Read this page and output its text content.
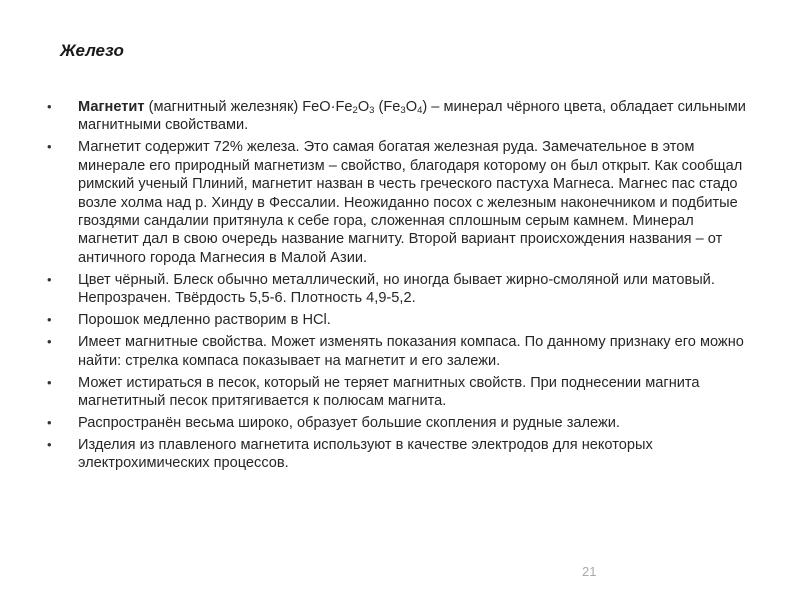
Железо
• Магнетит (магнитный железняк) $FeO\cdot Fe_2O_3$ $(Fe_3O_4)$ – минерал чёрного цвета, обладает сильными магнитными свойствами.
• Магнетит содержит 72% железа. Это самая богатая железная руда. Замечательное в этом минерале его природный магнетизм – свойство, благодаря которому он был открыт. Как сообщал римский ученый Плиний, магнетит назван в честь греческого пастуха Магнеса. Магнес пас стадо возле холма над р. Хинду в Фессалии. Неожиданно посох с железным наконечником и подбитые гвоздями сандалии притянула к себе гора, сложенная сплошным серым камнем. Минерал магнетит дал в свою очередь название магниту. Второй вариант происхождения названия – от античного города Магнесия в Малой Азии.
• Цвет чёрный. Блеск обычно металлический, но иногда бывает жирно-смоляной или матовый. Непрозрачен. Твёрдость 5,5-6. Плотность 4,9-5,2.
• Порошок медленно растворим в HCl.
• Имеет магнитные свойства. Может изменять показания компаса. По данному признаку его можно найти: стрелка компаса показывает на магнетит и его залежи.
• Может истираться в песок, который не теряет магнитных свойств. При поднесении магнита магнетитный песок притягивается к полюсам магнита.
• Распространён весьма широко, образует большие скопления и рудные залежи.
• Изделия из плавленого магнетита используют в качестве электродов для некоторых электрохимических процессов.
21
